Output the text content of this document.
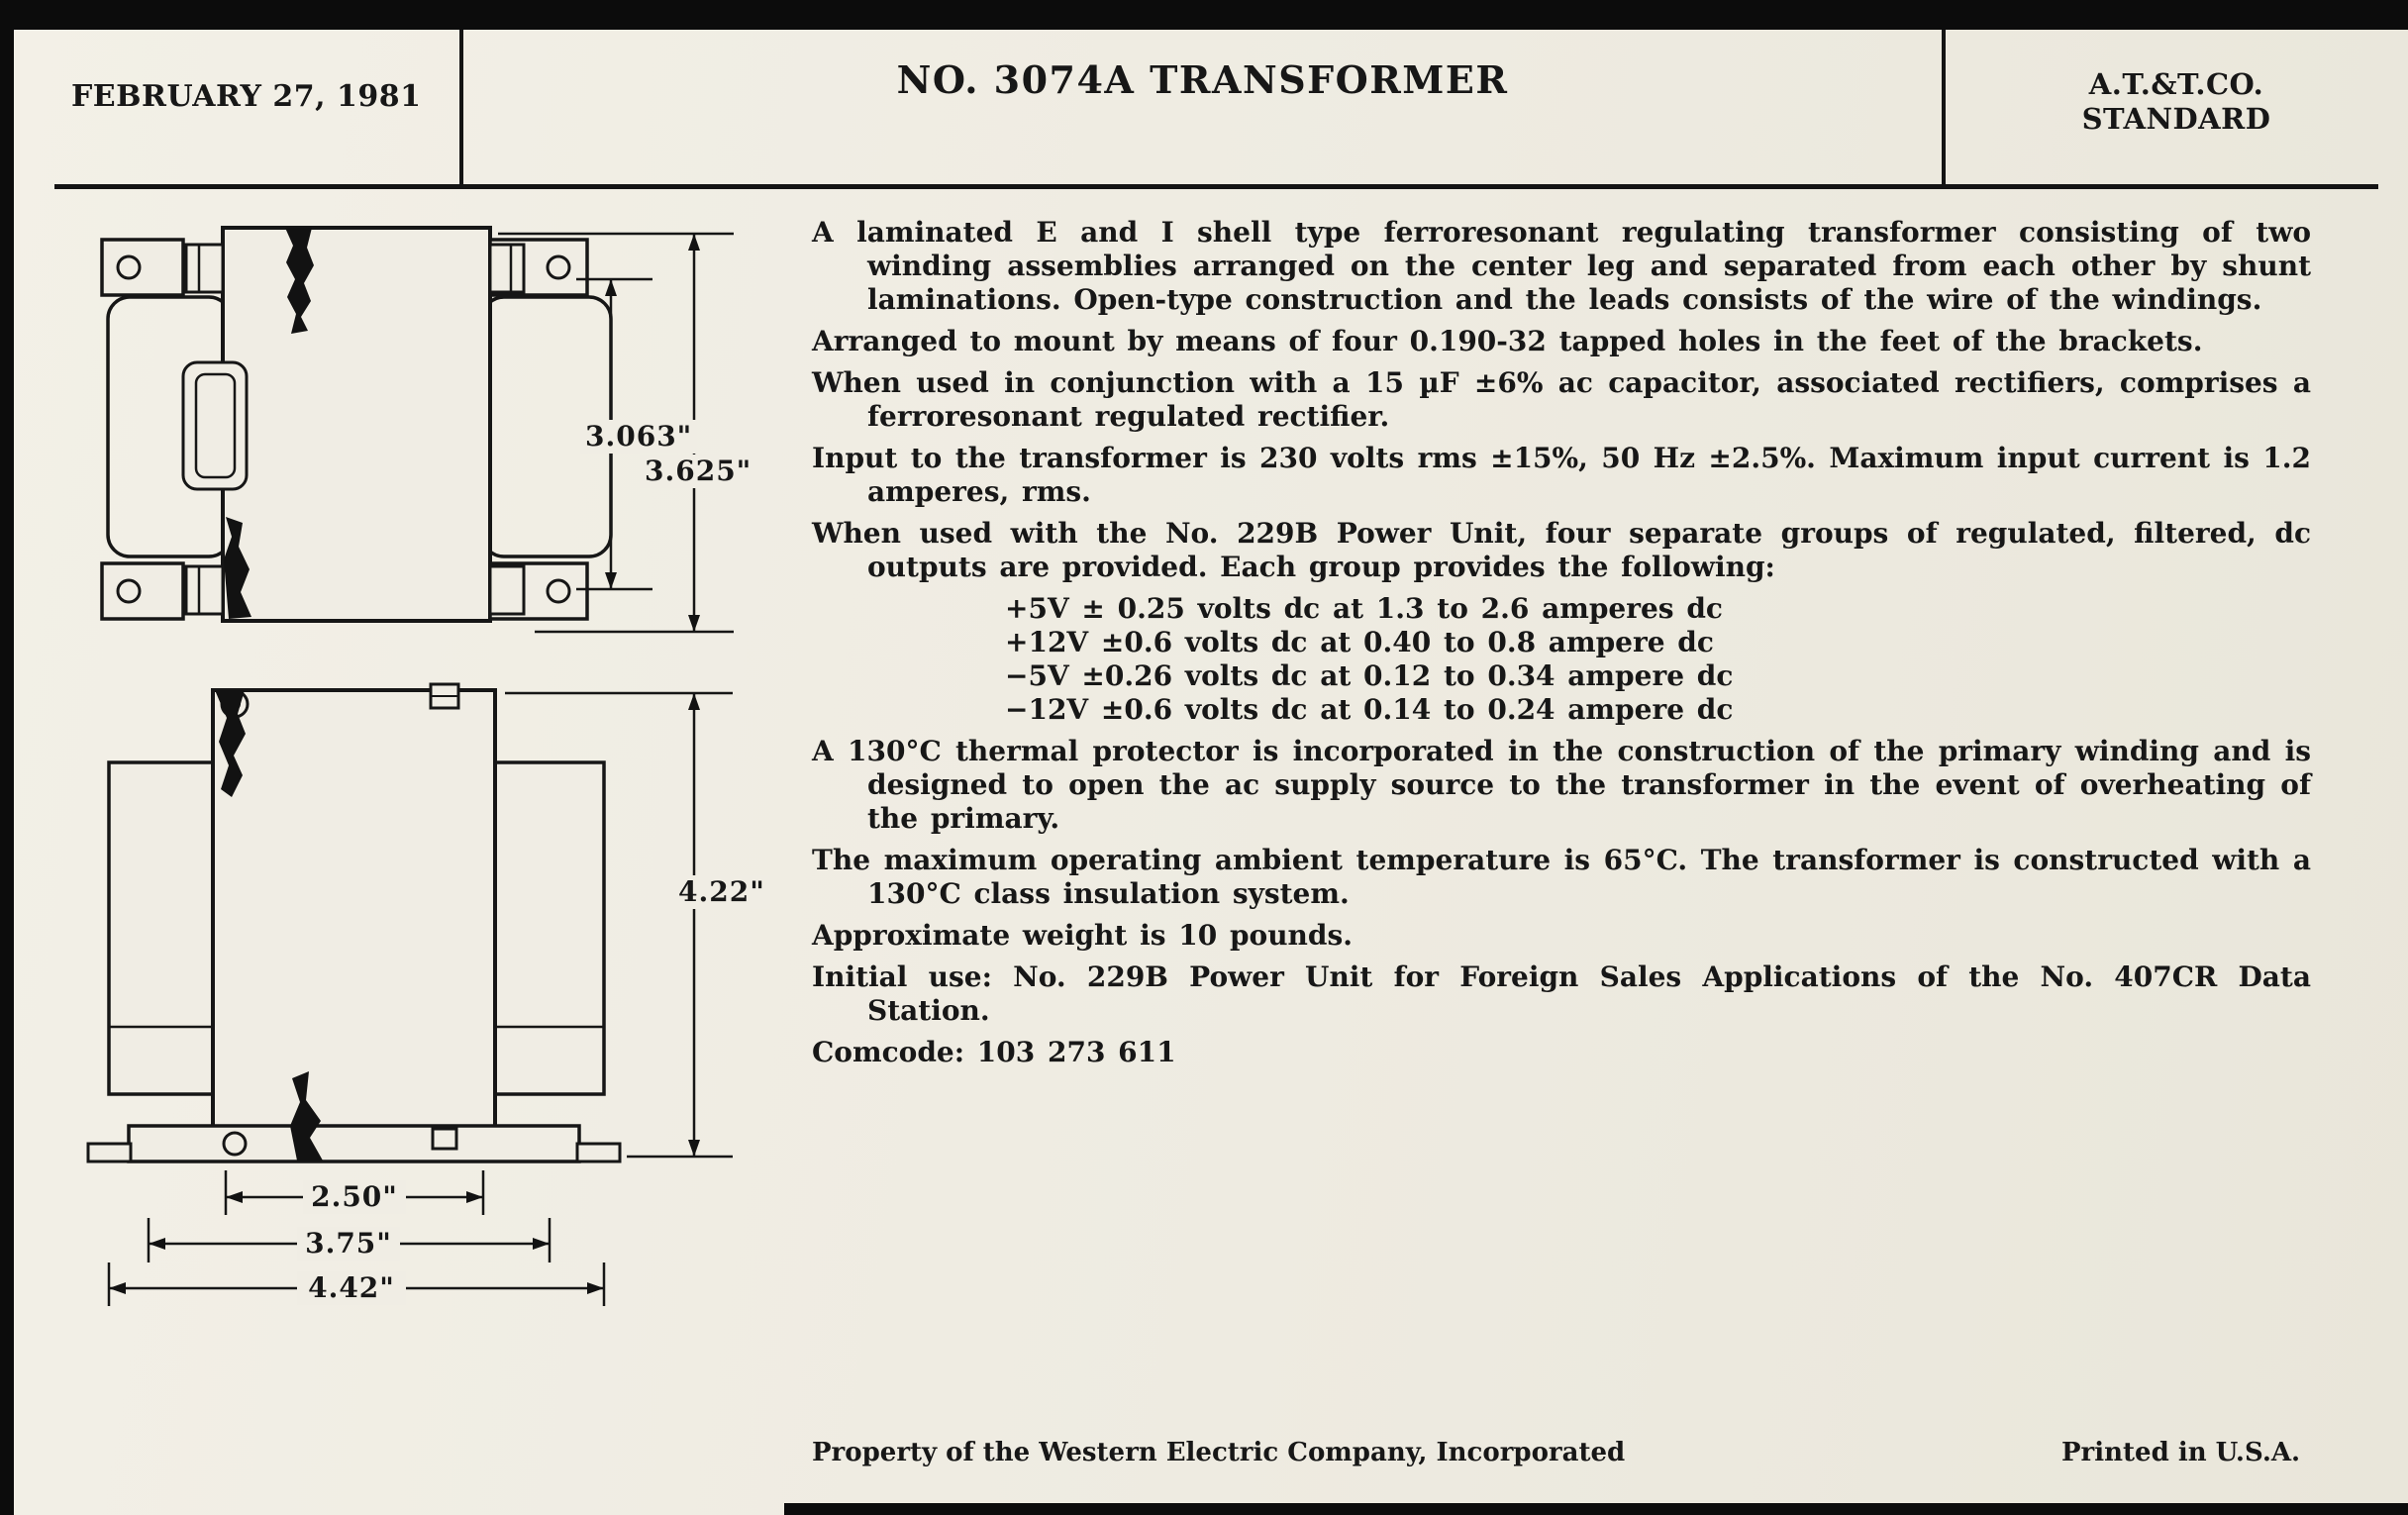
FEBRUARY 27, 1981	NO. 3074A TRANSFORMER	A.T.&T.CO.
STANDARD
3.063"
3.625"
4.22"
2.50"
3.75"
4.42"

A laminated E and I shell type ferroresonant regulating transformer consisting of two winding assemblies arranged on the center leg and separated from each other by shunt laminations. Open-type construction and the leads consists of the wire of the windings.

Arranged to mount by means of four 0.190-32 tapped holes in the feet of the brackets.

When used in conjunction with a 15 µF ±6% ac capacitor, associated rectifiers, comprises a ferroresonant regulated rectifier.

Input to the transformer is 230 volts rms ±15%, 50 Hz ±2.5%. Maximum input current is 1.2 amperes, rms.

When used with the No. 229B Power Unit, four separate groups of regulated, filtered, dc outputs are provided. Each group provides the following:

+5V ± 0.25 volts dc at 1.3 to 2.6 amperes dc
+12V ±0.6 volts dc at 0.40 to 0.8 ampere dc
−5V ±0.26 volts dc at 0.12 to 0.34 ampere dc
−12V ±0.6 volts dc at 0.14 to 0.24 ampere dc

A 130°C thermal protector is incorporated in the construction of the primary winding and is designed to open the ac supply source to the transformer in the event of overheating of the primary.

The maximum operating ambient temperature is 65°C. The transformer is constructed with a 130°C class insulation system.

Approximate weight is 10 pounds.

Initial use: No. 229B Power Unit for Foreign Sales Applications of the No. 407CR Data Station.

Comcode: 103 273 611

Property of the Western Electric Company, Incorporated	Printed in U.S.A.
